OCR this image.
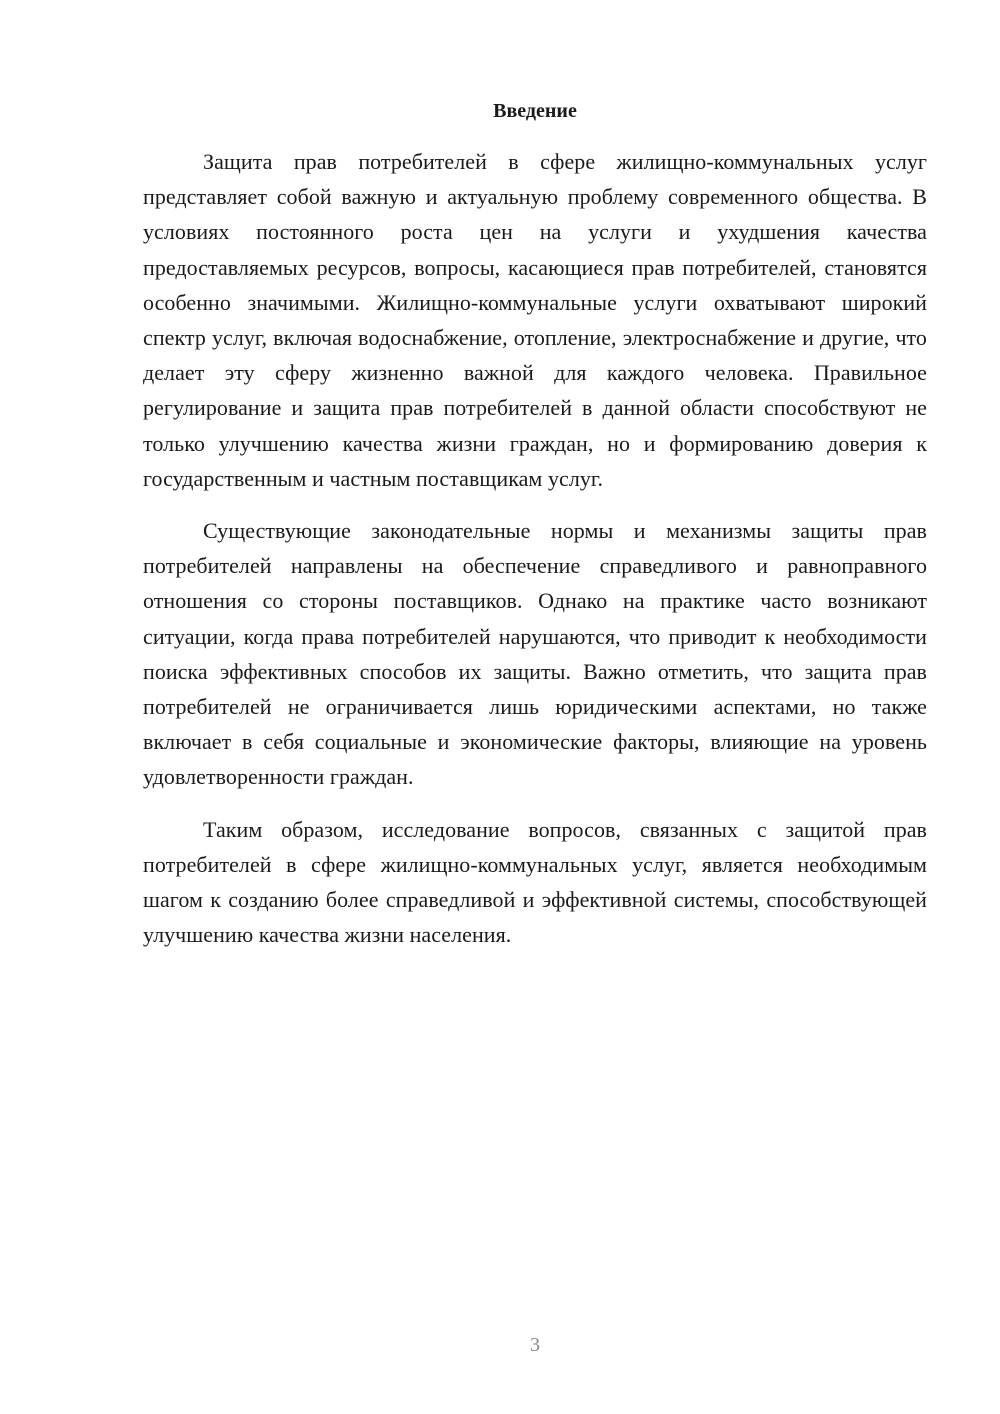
Введение

Защита прав потребителей в сфере жилищно-коммунальных услуг представляет собой важную и актуальную проблему современного общества. В условиях постоянного роста цен на услуги и ухудшения качества предоставляемых ресурсов, вопросы, касающиеся прав потребителей, становятся особенно значимыми. Жилищно-коммунальные услуги охватывают широкий спектр услуг, включая водоснабжение, отопление, электроснабжение и другие, что делает эту сферу жизненно важной для каждого человека. Правильное регулирование и защита прав потребителей в данной области способствуют не только улучшению качества жизни граждан, но и формированию доверия к государственным и частным поставщикам услуг.

Существующие законодательные нормы и механизмы защиты прав потребителей направлены на обеспечение справедливого и равноправного отношения со стороны поставщиков. Однако на практике часто возникают ситуации, когда права потребителей нарушаются, что приводит к необходимости поиска эффективных способов их защиты. Важно отметить, что защита прав потребителей не ограничивается лишь юридическими аспектами, но также включает в себя социальные и экономические факторы, влияющие на уровень удовлетворенности граждан.

Таким образом, исследование вопросов, связанных с защитой прав потребителей в сфере жилищно-коммунальных услуг, является необходимым шагом к созданию более справедливой и эффективной системы, способствующей улучшению качества жизни населения.

3
